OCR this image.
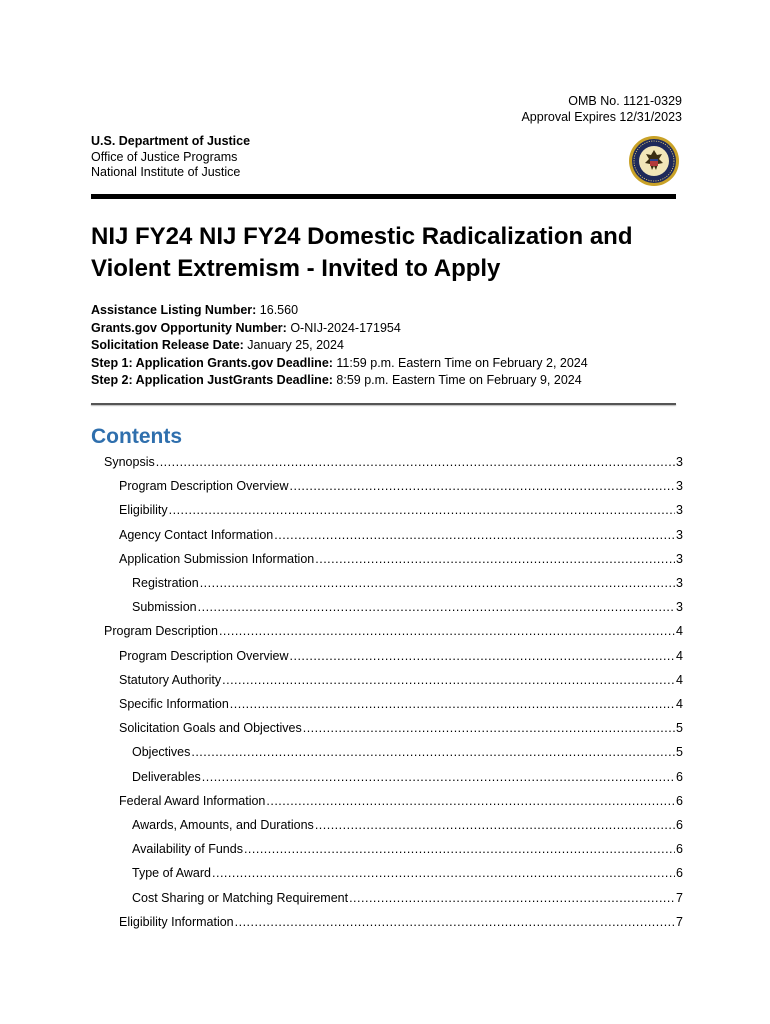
OMB No. 1121-0329
Approval Expires 12/31/2023
U.S. Department of Justice
Office of Justice Programs
National Institute of Justice
NIJ FY24 NIJ FY24 Domestic Radicalization and
Violent Extremism - Invited to Apply
Assistance Listing Number: 16.560
Grants.gov Opportunity Number: O-NIJ-2024-171954
Solicitation Release Date: January 25, 2024
Step 1: Application Grants.gov Deadline: 11:59 p.m. Eastern Time on February 2, 2024
Step 2: Application JustGrants Deadline: 8:59 p.m. Eastern Time on February 9, 2024
Contents
Synopsis .....	3
Program Description Overview .....	3
Eligibility .....	3
Agency Contact Information .....	3
Application Submission Information .....	3
Registration .....	3
Submission .....	3
Program Description .....	4
Program Description Overview .....	4
Statutory Authority .....	4
Specific Information .....	4
Solicitation Goals and Objectives .....	5
Objectives .....	5
Deliverables .....	6
Federal Award Information .....	6
Awards, Amounts, and Durations .....	6
Availability of Funds .....	6
Type of Award .....	6
Cost Sharing or Matching Requirement .....	7
Eligibility Information .....	7
